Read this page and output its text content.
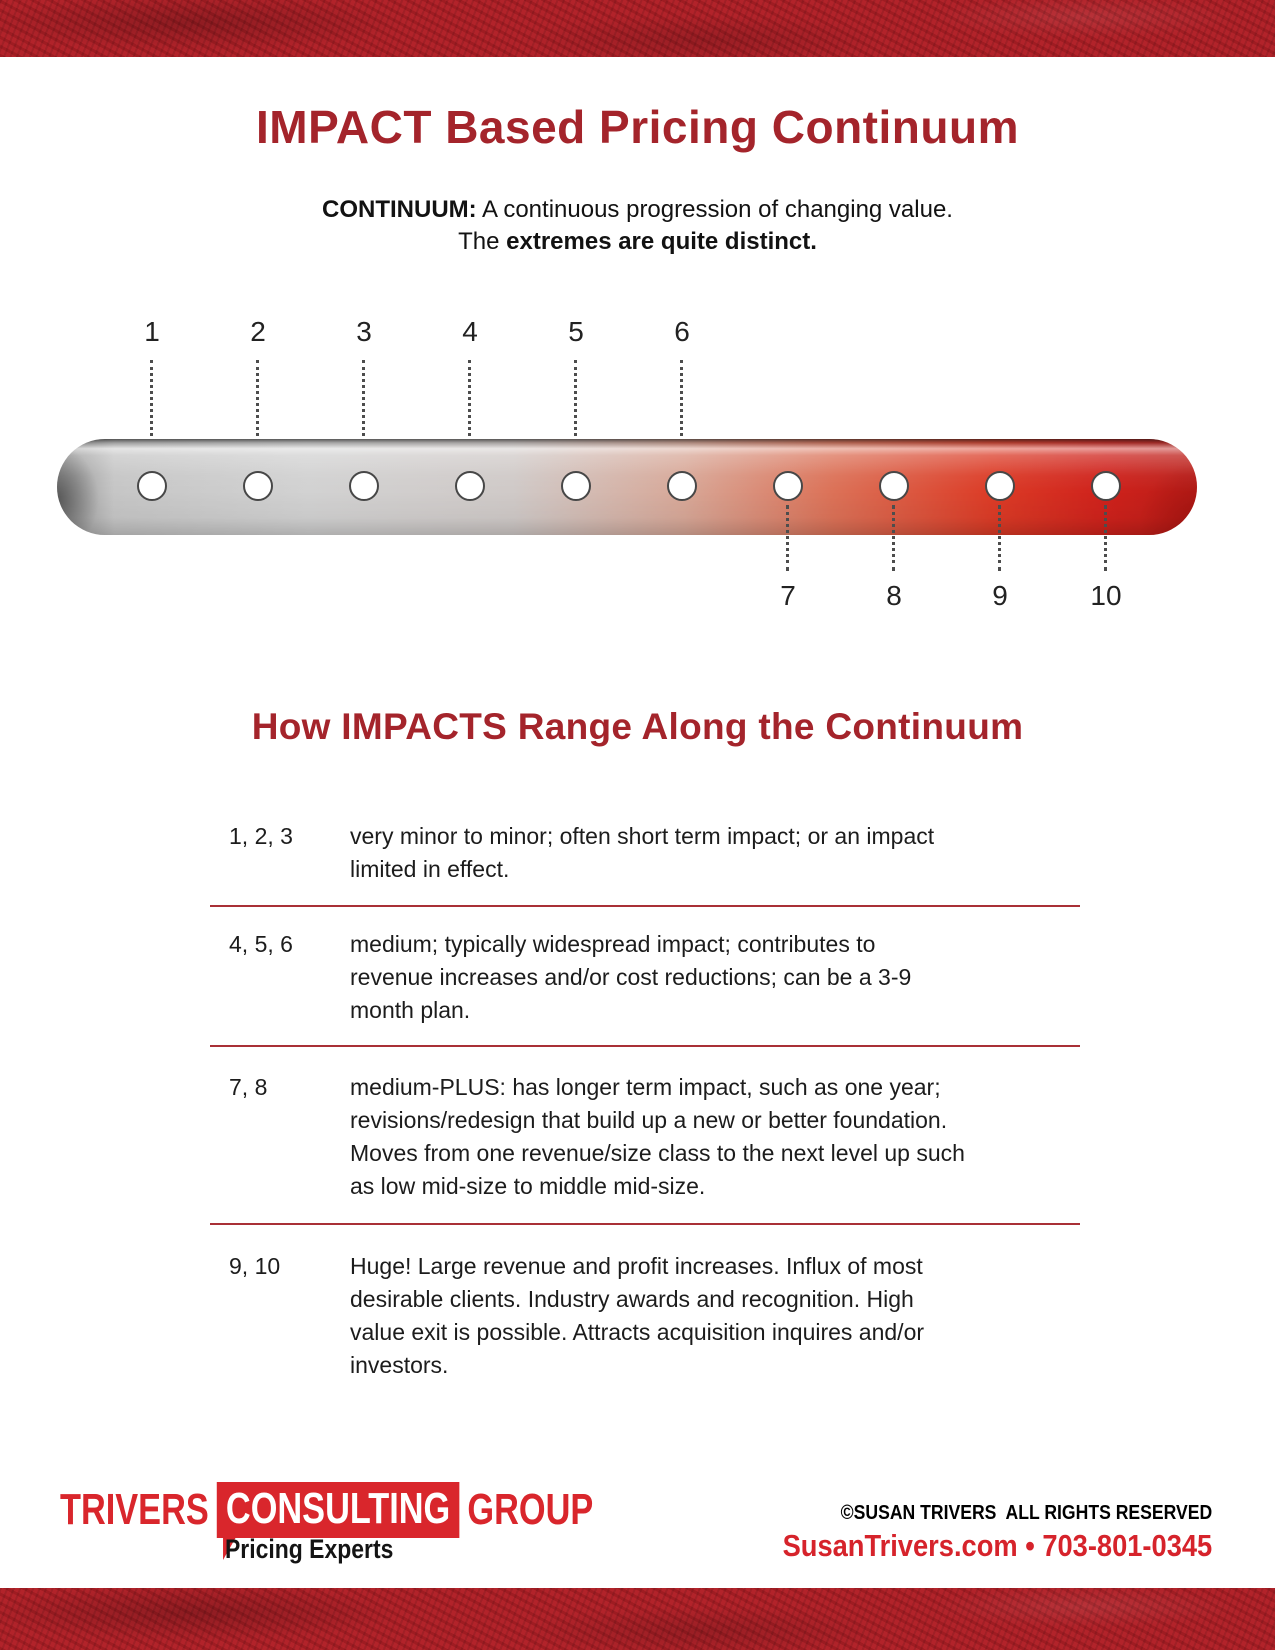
IMPACT Based Pricing Continuum
CONTINUUM: A continuous progression of changing value.
The extremes are quite distinct.
1	2	3	4	5	6
7	8	9	10
How IMPACTS Range Along the Continuum
1, 2, 3	very minor to minor; often short term impact; or an impact
limited in effect.
4, 5, 6	medium; typically widespread impact; contributes to
revenue increases and/or cost reductions; can be a 3-9
month plan.
7, 8	medium-PLUS: has longer term impact, such as one year;
revisions/redesign that build up a new or better foundation.
Moves from one revenue/size class to the next level up such
as low mid-size to middle mid-size.
9, 10	Huge! Large revenue and profit increases. Influx of most
desirable clients. Industry awards and recognition. High
value exit is possible. Attracts acquisition inquires and/or
investors.
TRIVERS CONSULTING GROUP
Pricing Experts
©SUSAN TRIVERS  ALL RIGHTS RESERVED
SusanTrivers.com • 703-801-0345
